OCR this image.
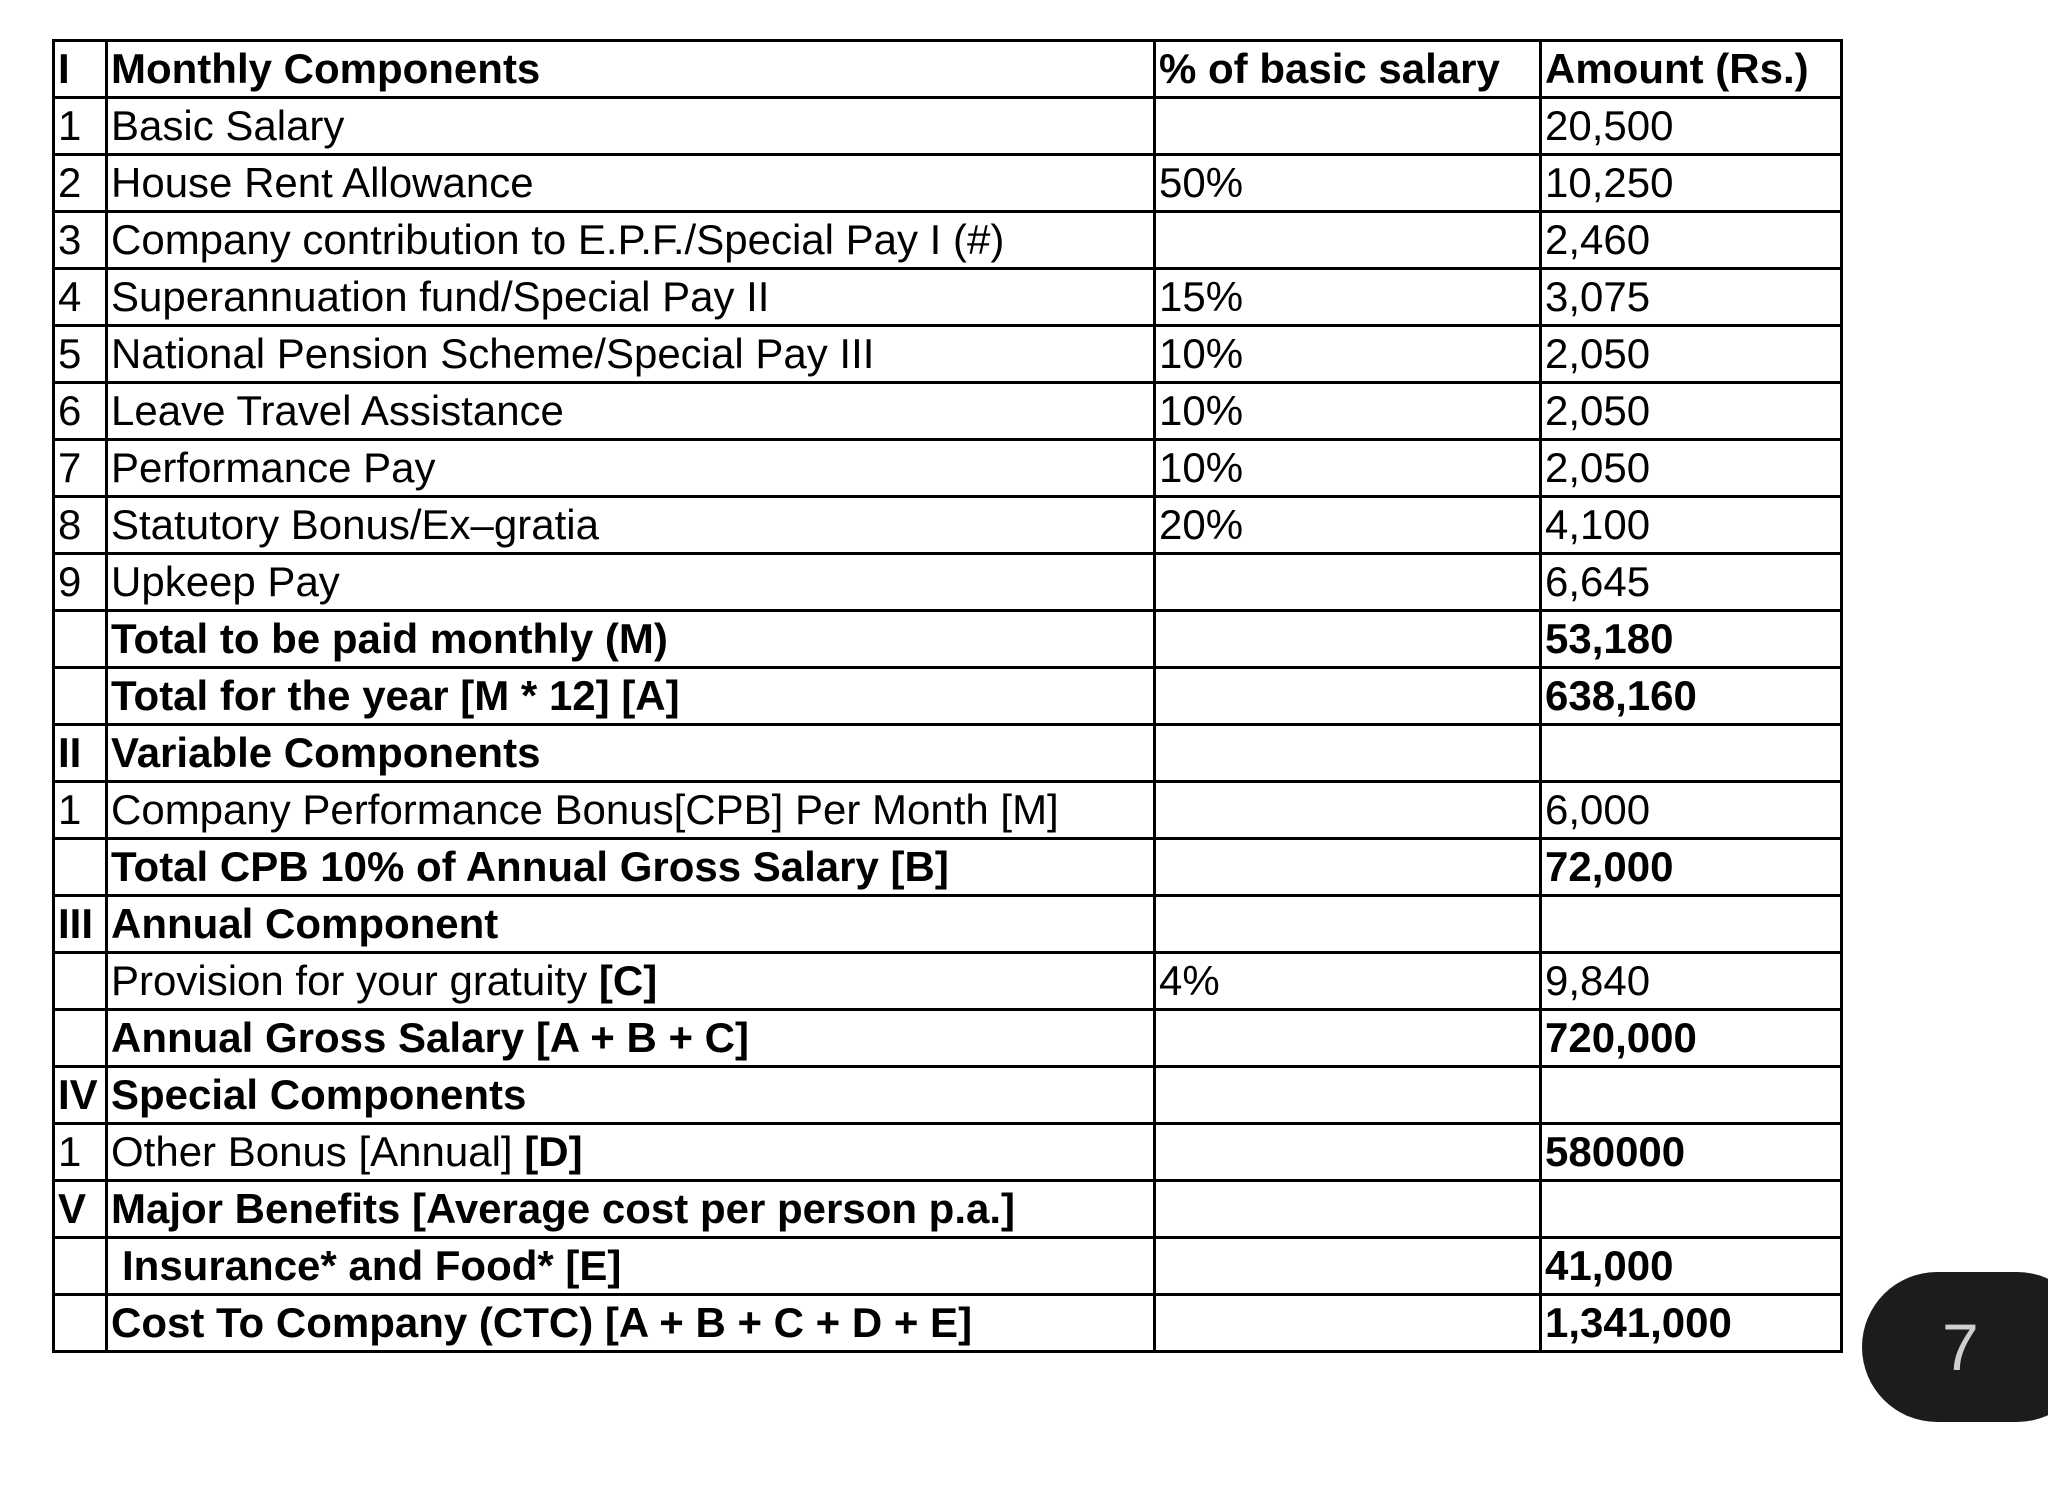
I	Monthly Components	% of basic salary	Amount (Rs.)
1	Basic Salary		20,500
2	House Rent Allowance	50%	10,250
3	Company contribution to E.P.F./Special Pay I (#)		2,460
4	Superannuation fund/Special Pay II	15%	3,075
5	National Pension Scheme/Special Pay III	10%	2,050
6	Leave Travel Assistance	10%	2,050
7	Performance Pay	10%	2,050
8	Statutory Bonus/Ex–gratia	20%	4,100
9	Upkeep Pay		6,645
	Total to be paid monthly (M)		53,180
	Total for the year [M * 12] [A]		638,160
II	Variable Components		
1	Company Performance Bonus[CPB] Per Month [M]		6,000
	Total CPB 10% of Annual Gross Salary [B]		72,000
III	Annual Component		
	Provision for your gratuity [C]	4%	9,840
	Annual Gross Salary [A + B + C]		720,000
IV	Special Components		
1	Other Bonus [Annual] [D]		580000
V	Major Benefits [Average cost per person p.a.]		
	Insurance* and Food* [E]		41,000
	Cost To Company (CTC) [A + B + C + D + E]		1,341,000	7
